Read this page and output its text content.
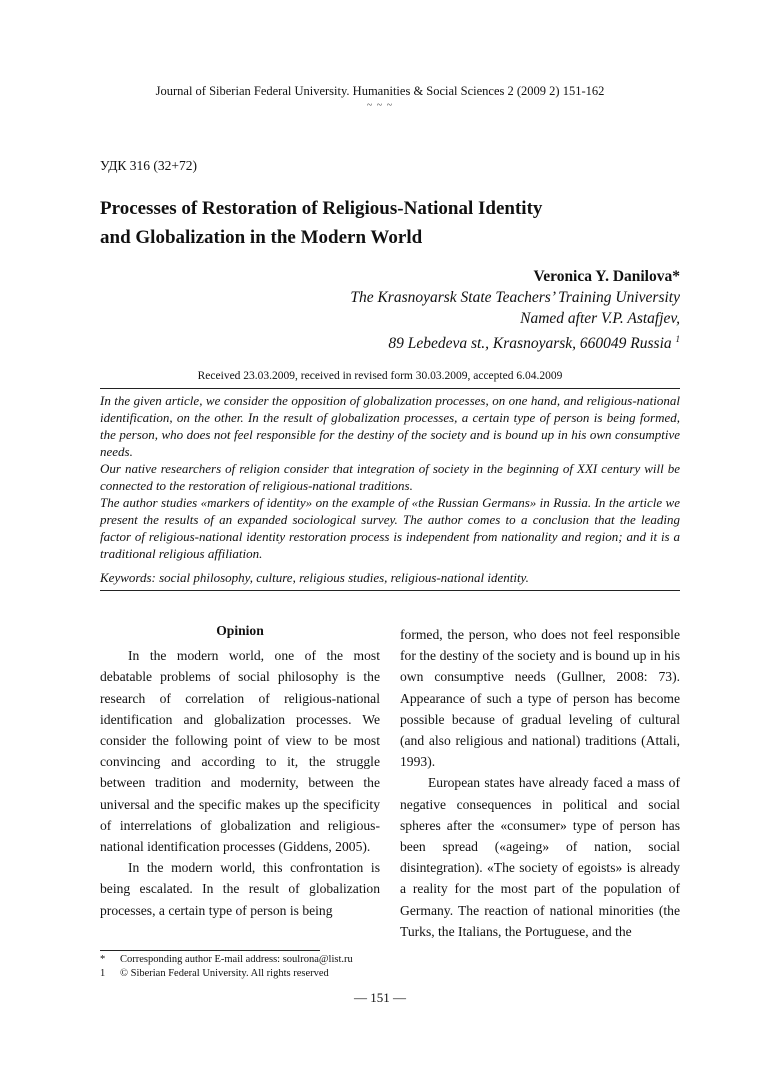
Journal of Siberian Federal University. Humanities & Social Sciences 2 (2009 2) 151-162
~ ~ ~
УДК 316 (32+72)
Processes of Restoration of Religious-National Identity
and Globalization in the Modern World
Veronica Y. Danilova*
The Krasnoyarsk State Teachers’ Training University
Named after V.P. Astafjev,
89 Lebedeva st., Krasnoyarsk, 660049 Russia $^1$
Received 23.03.2009, received in revised form 30.03.2009, accepted 6.04.2009

In the given article, we consider the opposition of globalization processes, on one hand, and religious-national identification, on the other. In the result of globalization processes, a certain type of person is being formed, the person, who does not feel responsible for the destiny of the society and is bound up in his own consumptive needs.

Our native researchers of religion consider that integration of society in the beginning of XXI century will be connected to the restoration of religious-national traditions.

The author studies «markers of identity» on the example of «the Russian Germans» in Russia. In the article we present the results of an expanded sociological survey. The author comes to a conclusion that the leading factor of religious-national identity restoration process is independent from nationality and region; and it is a traditional religious affiliation.

Keywords: social philosophy, culture, religious studies, religious-national identity.

Opinion

In the modern world, one of the most debatable problems of social philosophy is the research of correlation of religious-national identification and globalization processes. We consider the following point of view to be most convincing and according to it, the struggle between tradition and modernity, between the universal and the specific makes up the specificity of interrelations of globalization and religious-national identification processes (Giddens, 2005).

In the modern world, this confrontation is being escalated. In the result of globalization processes, a certain type of person is being

formed, the person, who does not feel responsible for the destiny of the society and is bound up in his own consumptive needs (Gullner, 2008: 73). Appearance of such a type of person has become possible because of gradual leveling of cultural (and also religious and national) traditions (Attali, 1993).

European states have already faced a mass of negative consequences in political and social spheres after the «consumer» type of person has been spread («ageing» of nation, social disintegration). «The society of egoists» is already a reality for the most part of the population of Germany. The reaction of national minorities (the Turks, the Italians, the Portuguese, and the

*	Corresponding author E-mail address: soulrona@list.ru
1	© Siberian Federal University. All rights reserved
— 151 —
